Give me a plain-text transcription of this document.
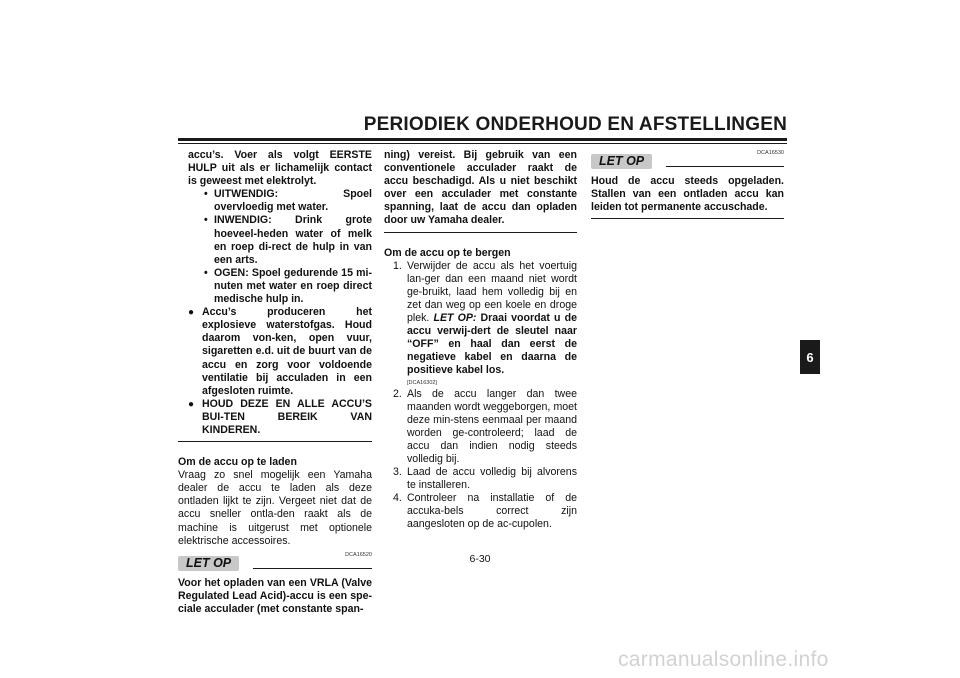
PERIODIEK ONDERHOUD EN AFSTELLINGEN

accu’s. Voer als volgt EERSTE HULP uit als er lichamelijk contact is geweest met elektrolyt.

• UITWENDIG: Spoel overvloedig met water.
• INWENDIG: Drink grote hoeveel-heden water of melk en roep di-rect de hulp in van een arts.
• OGEN: Spoel gedurende 15 mi-nuten met water en roep direct medische hulp in.
● Accu’s produceren het explosieve waterstofgas. Houd daarom von-ken, open vuur, sigaretten e.d. uit de buurt van de accu en zorg voor voldoende ventilatie bij acculaden in een afgesloten ruimte.
● HOUD DEZE EN ALLE ACCU’S BUI-TEN BEREIK VAN KINDEREN.

Om de accu op te laden

Vraag zo snel mogelijk een Yamaha dealer de accu te laden als deze ontladen lijkt te zijn. Vergeet niet dat de accu sneller ontla-den raakt als de machine is uitgerust met optionele elektrische accessoires.

DCA16520
LET OP

Voor het opladen van een VRLA (Valve Regulated Lead Acid)-accu is een spe-ciale acculader (met constante span-

ning) vereist. Bij gebruik van een conventionele acculader raakt de accu beschadigd. Als u niet beschikt over een acculader met constante spanning, laat de accu dan opladen door uw Yamaha dealer.

Om de accu op te bergen

1. Verwijder de accu als het voertuig lan-ger dan een maand niet wordt ge-bruikt, laad hem volledig bij en zet dan weg op een koele en droge plek. LET OP: Draai voordat u de accu verwij-dert de sleutel naar “OFF” en haal dan eerst de negatieve kabel en daarna de positieve kabel los.
[DCA16302]
2. Als de accu langer dan twee maanden wordt weggeborgen, moet deze min-stens eenmaal per maand worden ge-controleerd; laad de accu dan indien nodig steeds volledig bij.
3. Laad de accu volledig bij alvorens te installeren.
4. Controleer na installatie of de accuka-bels correct zijn aangesloten op de ac-cupolen.
DCA16530
LET OP

Houd de accu steeds opgeladen. Stallen van een ontladen accu kan leiden tot permanente accuschade.

6
6-30
carmanualsonline.info
